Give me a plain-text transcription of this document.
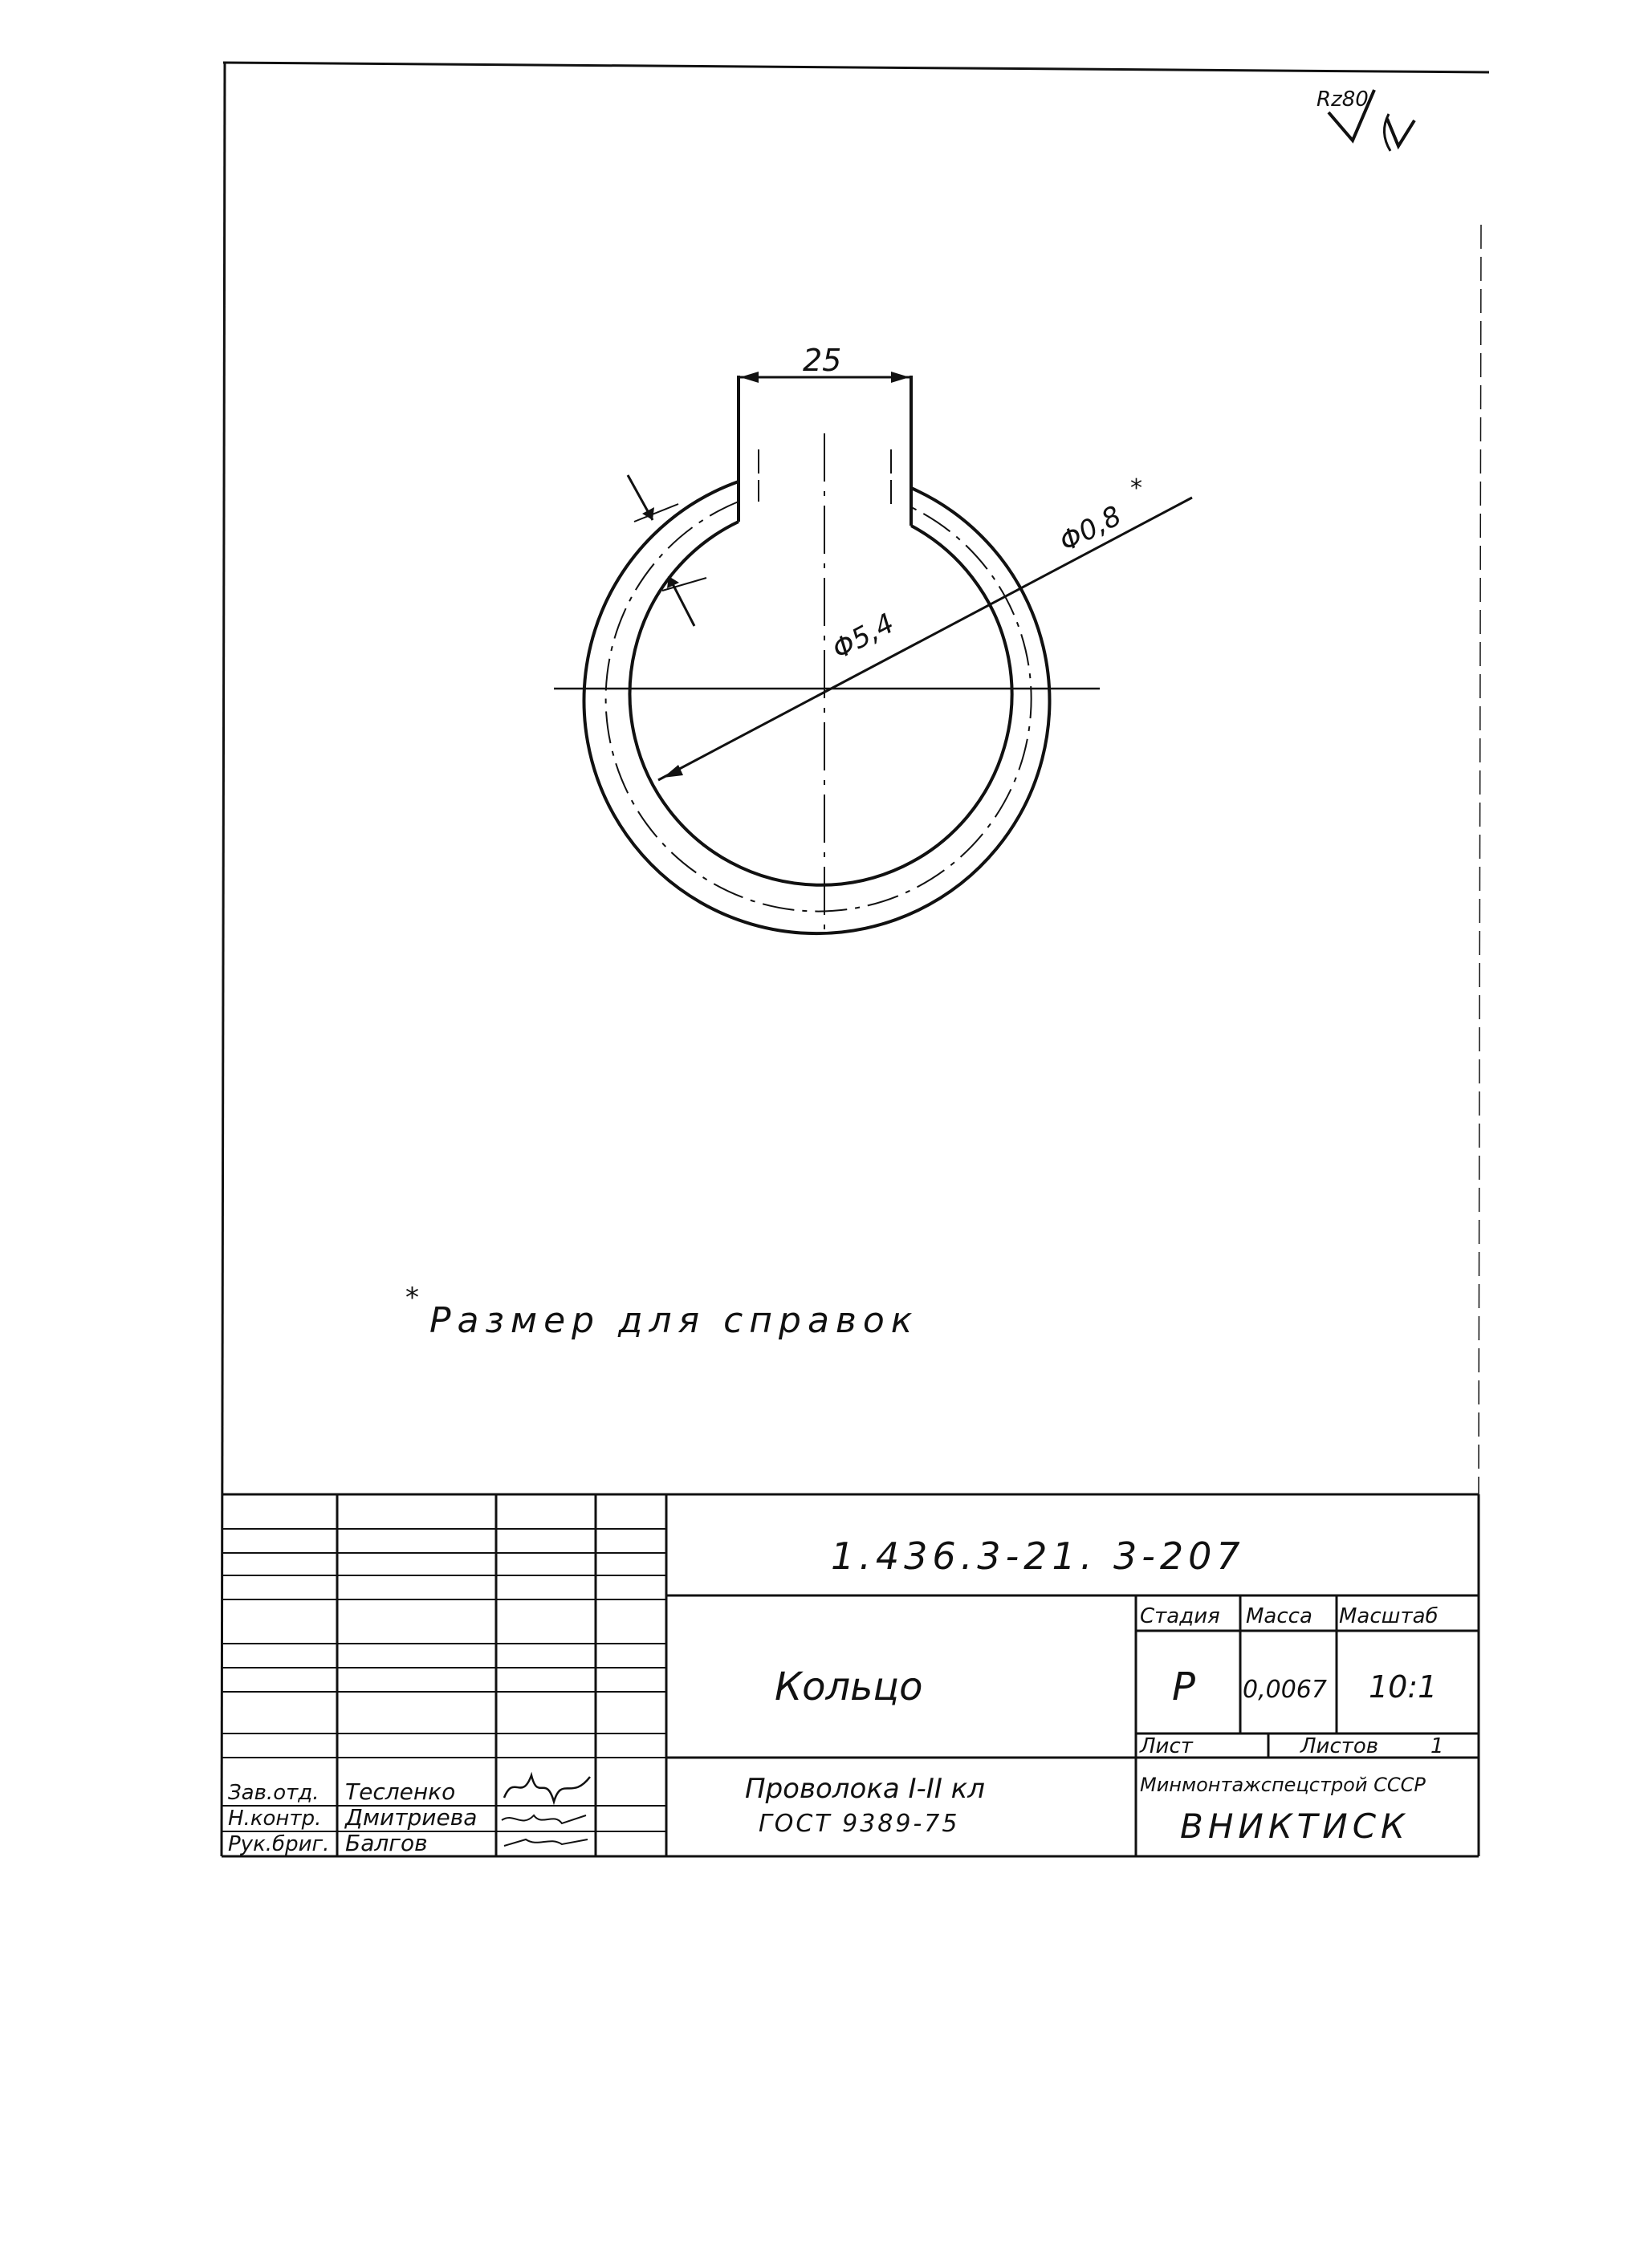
Rz80
25
Φ5,4
Φ0,8
*
*
Размер для справок
1.436.3-21. 3-207
Кольцо
Стадия Масса Масштаб
Р 0,0067 10:1
Лист	Листов 1
Проволока I-II кл
ГОСТ 9389-75
Минмонтажспецстрой СССР
ВНИКТИСК
Зав.отд. Тесленко
Н.контр. Дмитриева
Рук.бриг. Балгов
